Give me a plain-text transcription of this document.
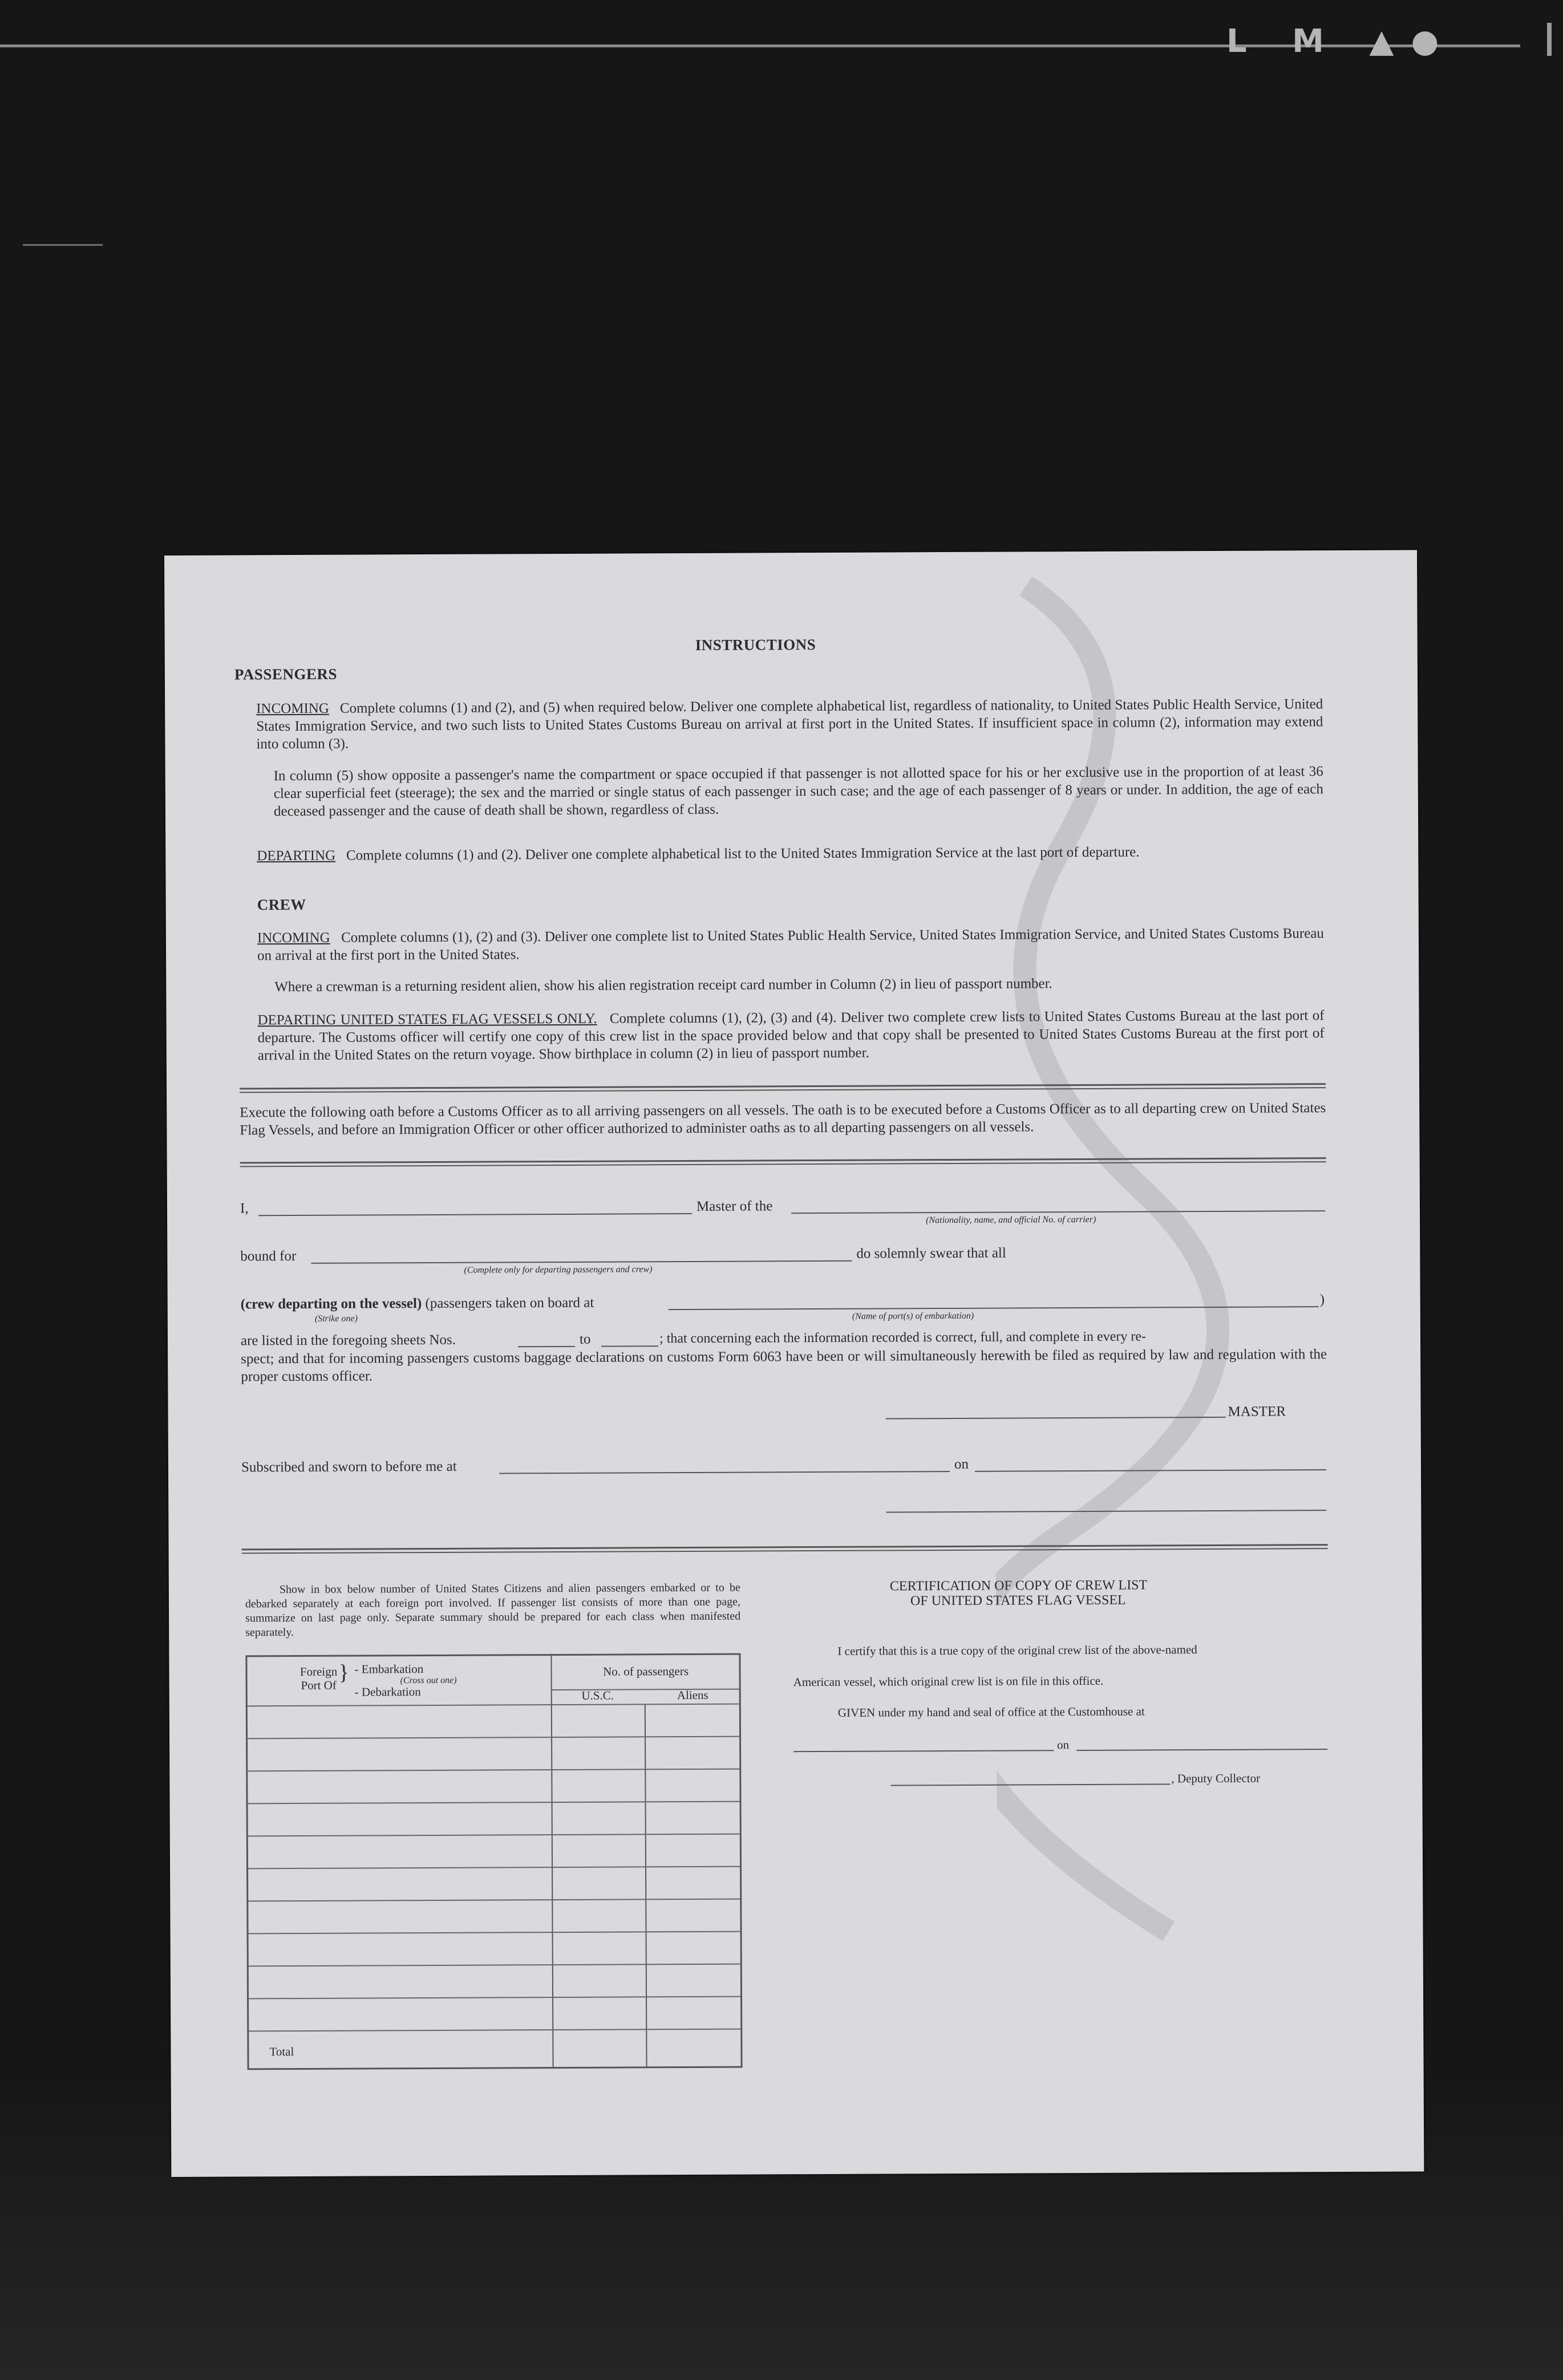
L M ▲●
INSTRUCTIONS
PASSENGERS
INCOMING Complete columns (1) and (2), and (5) when required below. Deliver one complete alphabetical list, regardless of nationality, to United States Public Health Service, United States Immigration Service, and two such lists to United States Customs Bureau on arrival at first port in the United States. If insufficient space in column (2), information may extend into column (3).
In column (5) show opposite a passenger's name the compartment or space occupied if that passenger is not allotted space for his or her exclusive use in the proportion of at least 36 clear superficial feet (steerage); the sex and the married or single status of each passenger in such case; and the age of each passenger of 8 years or under. In addition, the age of each deceased passenger and the cause of death shall be shown, regardless of class.
DEPARTING Complete columns (1) and (2). Deliver one complete alphabetical list to the United States Immigration Service at the last port of departure.
CREW
INCOMING Complete columns (1), (2) and (3). Deliver one complete list to United States Public Health Service, United States Immigration Service, and United States Customs Bureau on arrival at the first port in the United States.
Where a crewman is a returning resident alien, show his alien registration receipt card number in Column (2) in lieu of passport number.
DEPARTING UNITED STATES FLAG VESSELS ONLY. Complete columns (1), (2), (3) and (4). Deliver two complete crew lists to United States Customs Bureau at the last port of departure. The Customs officer will certify one copy of this crew list in the space provided below and that copy shall be presented to United States Customs Bureau at the first port of arrival in the United States on the return voyage. Show birthplace in column (2) in lieu of passport number.
Execute the following oath before a Customs Officer as to all arriving passengers on all vessels. The oath is to be executed before a Customs Officer as to all departing crew on United States Flag Vessels, and before an Immigration Officer or other officer authorized to administer oaths as to all departing passengers on all vessels.
I,	Master of the
(Nationality, name, and official No. of carrier)
bound for
(Complete only for departing passengers and crew)
do solemnly swear that all
(crew departing on the vessel) (passengers taken on board at	)
(Strike one)	(Name of port(s) of embarkation)
are listed in the foregoing sheets Nos.	to	; that concerning each the information recorded is correct, full, and complete in every re-
spect; and that for incoming passengers customs baggage declarations on customs Form 6063 have been or will simultaneously herewith be filed as required by law and regulation with the proper customs officer.
MASTER
Subscribed and sworn to before me at	on
Show in box below number of United States Citizens and alien passengers embarked or to be debarked separately at each foreign port involved. If passenger list consists of more than one page, summarize on last page only. Separate summary should be prepared for each class when manifested separately.
Foreign Port Of
} - Embarkation
(Cross out one)
- Debarkation
No. of passengers
U.S.C.	Aliens
Total
CERTIFICATION OF COPY OF CREW LIST
OF UNITED STATES FLAG VESSEL
I certify that this is a true copy of the original crew list of the above-named
American vessel, which original crew list is on file in this office.
GIVEN under my hand and seal of office at the Customhouse at
on
, Deputy Collector
